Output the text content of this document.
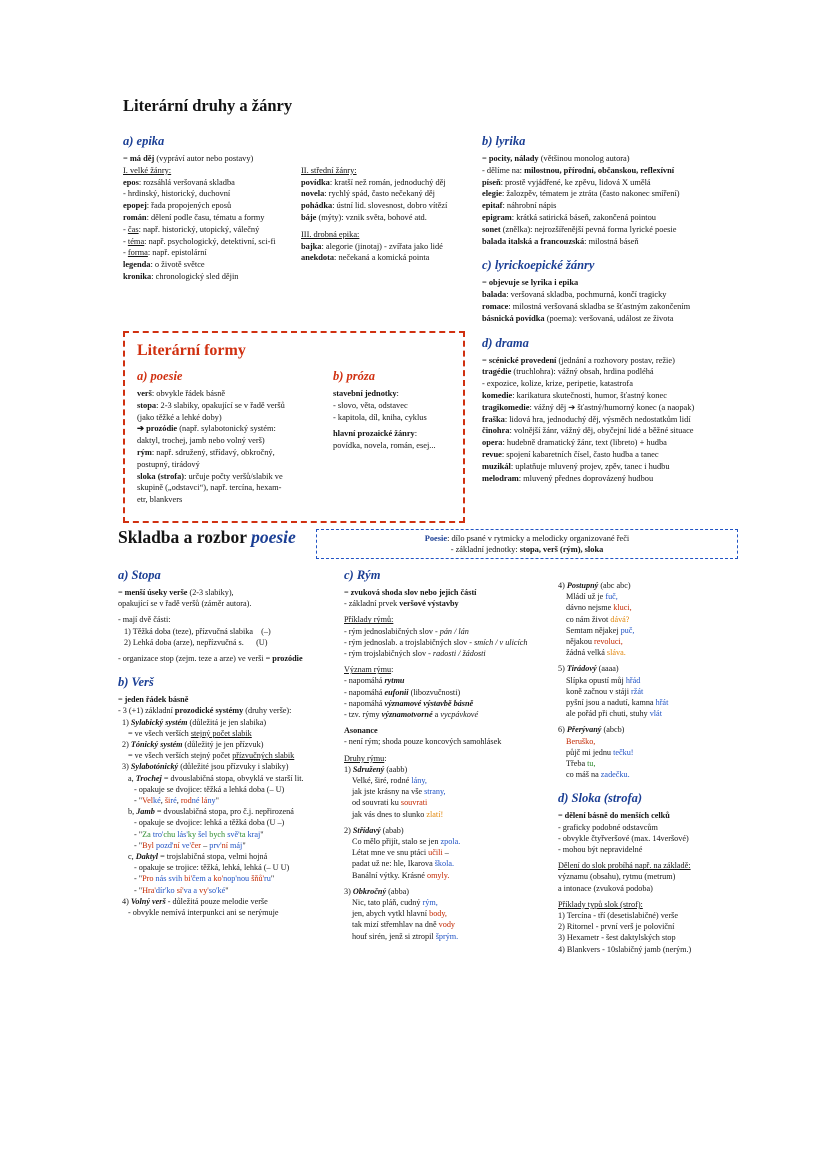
Literární druhy a žánry
a) epika
= má děj (vypráví autor nebo postavy)
I. velké žánry:
epos: rozsáhlá veršovaná skladba
- hrdinský, historický, duchovní
epopej: řada propojených eposů
román: dělení podle času, tématu a formy
- čas: např. historický, utopický, válečný
- téma: např. psychologický, detektivní, sci-fi
- forma: např. epistolární
legenda: o životě světce
kronika: chronologický sled dějin
II. střední žánry:
povídka: kratší než román, jednoduchý děj
novela: rychlý spád, často nečekaný děj
pohádka: ústní lid. slovesnost, dobro vítězí
báje (mýty): vznik světa, bohové atd.

III. drobná epika:
bajka: alegorie (jinotaj) - zvířata jako lidé
anekdota: nečekaná a komická pointa
b) lyrika
= pocity, nálady (většinou monolog autora)
- dělíme na: milostnou, přírodní, občanskou, reflexívní
píseň: prostě vyjádřené, ke zpěvu, lidová X umělá
elegie: žalozpěv, tématem je ztráta (často nakonec smíření)
epitaf: náhrobní nápis
epigram: krátká satirická báseň, zakončená pointou
sonet (znělka): nejrozšířenější pevná forma lyrické poesie
balada italská a francouzská: milostná báseň
c) lyrickoepické žánry
= objevuje se lyrika i epika
balada: veršovaná skladba, pochmurná, končí tragicky
romace: milostná veršovaná skladba se šťastným zakončením
básnická povídka (poema): veršovaná, událost ze života
d) drama
= scénické provedení (jednání a rozhovory postav, režie)
tragédie (truchlohra): vážný obsah, hrdina podléhá
- expozice, kolize, krize, peripetie, katastrofa
komedie: karikatura skutečnosti, humor, šťastný konec
tragikomedie: vážný děj ➔ šťastný/humorný konec (a naopak)
fraška: lidová hra, jednoduchý děj, výsměch nedostatkům lidí
činohra: volnější žánr, vážný děj, obyčejní lidé a běžné situace
opera: hudebně dramatický žánr, text (libreto) + hudba
revue: spojení kabaretních čísel, často hudba a tanec
muzikál: uplatňuje mluvený projev, zpěv, tanec i hudbu
melodram: mluvený přednes doprovázený hudbou
Literární formy
a) poesie
verš: obvykle řádek básně
stopa: 2-3 slabiky, opakující se v řadě veršů
(jako těžké a lehké doby)
➔ prozódie (např. sylabotonický systém:
daktyl, trochej, jamb nebo volný verš)
rým: např. sdružený, střídavý, obkročný,
postupný, tirádový
sloka (strofa): určuje počty veršů/slabik ve
skupině („odstavci“), např. tercína, hexam-
etr, blankvers
b) próza
stavební jednotky:
- slovo, věta, odstavec
- kapitola, díl, kniha, cyklus

hlavní prozaické žánry:
povídka, novela, román, esej...
Skladba a rozbor poesie	Poesie: dílo psané v rytmicky a melodicky organizované řeči
- základní jednotky: stopa, verš (rým), sloka
a) Stopa
= menší úseky verše (2-3 slabiky),
opakující se v řadě veršů (záměr autora).

- mají dvě části:
1) Těžká doba (teze), přízvučná slabika    (–)
2) Lehká doba (arze), nepřízvučná s.      (U)

- organizace stop (zejm. teze a arze) ve verši = prozódie
b) Verš
= jeden řádek básně
- 3 (+1) základní prozodické systémy (druhy verše):
1) Sylabický systém (důležitá je jen slabika)
= ve všech verších stejný počet slabik
2) Tónický systém (důležitý je jen přízvuk)
= ve všech verších stejný počet přízvučných slabik
3) Sylabotónický (důležité jsou přízvuky i slabiky)
a, Trochej = dvouslabičná stopa, obvyklá ve starší lit.
- opakuje se dvojice: těžká a lehká doba (– U)
- "Velké, širé, rodné lány"
b, Jamb = dvouslabičná stopa, pro č.j. nepřirozená
- opakuje se dvojice: lehká a těžká doba (U –)
- "Za tro'chu lás'ky šel bych svě'ta kraj"
- "Byl pozd'ní ve'čer – prv'ní máj"
c, Daktyl = trojslabičná stopa, velmi hojná
- opakuje se trojice: těžká, lehká, lehká (– U U)
- "Pro nás svih bi'čem a ko'nop'nou šňů'ru"
- "Hra'dír'ko sí'va a vy'so'ké"
4) Volný verš - důležitá pouze melodie verše
- obvykle nemívá interpunkci ani se nerýmuje
c) Rým
= zvuková shoda slov nebo jejich částí
- základní prvek veršové výstavby

Příklady rýmů:
- rým jednoslabičných slov - pán / lán
- rým jednoslab. a trojslabičných slov - smích / v ulicích
- rým trojslabičných slov - radosti / žádosti

Význam rýmu:
- napomáhá rytmu
- napomáhá eufonii (libozvučnosti)
- napomáhá významové výstavbě básně
- tzv. rýmy významotvorné a vycpávkové

Asonance
- není rým; shoda pouze koncových samohlásek

Druhy rýmu:
1) Sdružený (aabb)
Velké, širé, rodné lány,
jak jste krásny na vše strany,
od souvrati ku souvrati
jak vás dnes to slunko zlatí!

2) Střídavý (abab)
Co mělo přijít, stalo se jen zpola.
Létat mne ve snu ptáci učili –
padat už ne: hle, Ikarova škola.
Banální výtky. Krásné omyly.

3) Obkročný (abba)
Nic, tato pláň, cudný rým,
jen, abych vytkl hlavní body,
tak mizí střemhlav na dně vody
houf sirén, jenž si ztropil šprým.
4) Postupný (abc abc)
Mládí už je fuč,
dávno nejsme kluci,
co nám život dává?
Semtam nějakej puč,
nějakou revoluci,
žádná velká sláva.

5) Tirádový (aaaa)
Slípka opustí můj hřád
koně začnou v stáji ržát
pyšní jsou a nadutí, kamna hřát
ale pořád při chuti, stuhy vlát

6) Přerývaný (abcb)
Beruško,
půjč mi jednu tečku!
Třeba tu,
co máš na zadečku.
d) Sloka (strofa)
= dělení básně do menších celků
- graficky podobné odstavcům
- obvykle čtyřveršové (max. 14veršové)
- mohou být nepravidelné

Dělení do slok probíhá např. na základě:
významu (obsahu), rytmu (metrum)
a intonace (zvuková podoba)

Příklady typů slok (strof):
1) Tercína - tří (desetislabičné) verše
2) Ritornel - první verš je poloviční
3) Hexametr - šest daktylských stop
4) Blankvers - 10slabičný jamb (nerým.)
